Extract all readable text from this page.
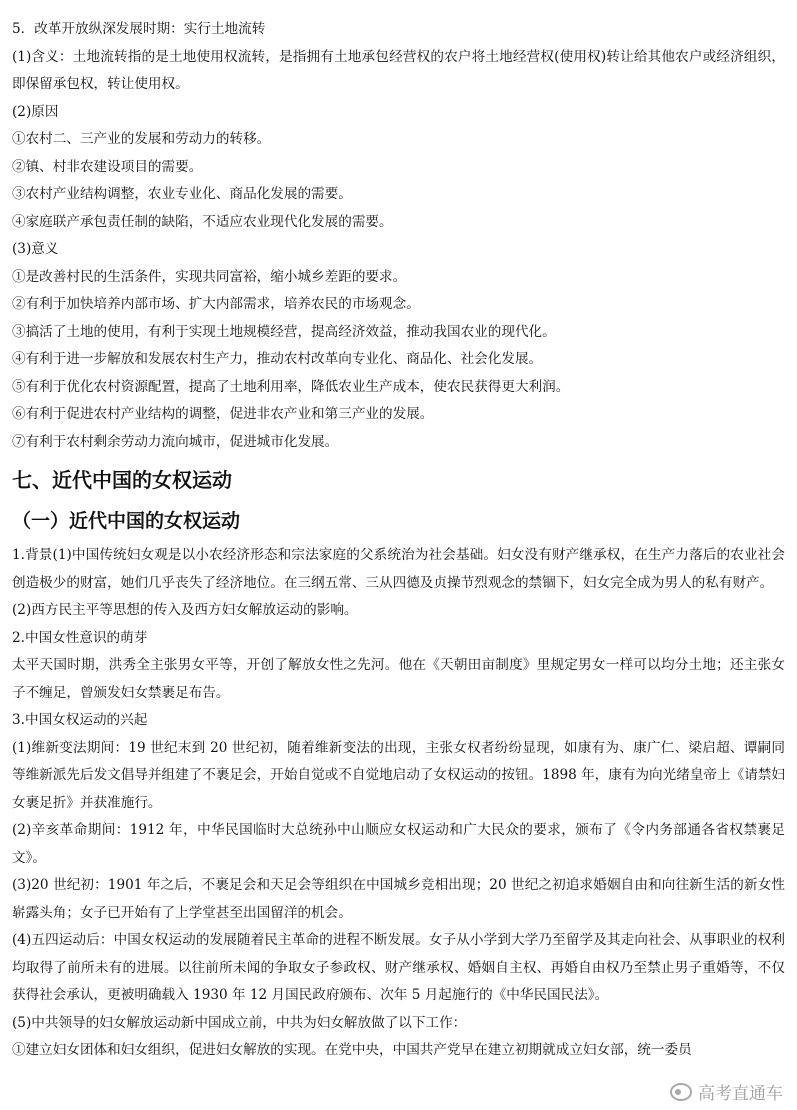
5．改革开放纵深发展时期：实行土地流转

(1)含义：土地流转指的是土地使用权流转，是指拥有土地承包经营权的农户将土地经营权(使用权)转让给其他农户或经济组织，即保留承包权，转让使用权。

(2)原因

①农村二、三产业的发展和劳动力的转移。

②镇、村非农建设项目的需要。

③农村产业结构调整，农业专业化、商品化发展的需要。

④家庭联产承包责任制的缺陷，不适应农业现代化发展的需要。

(3)意义

①是改善村民的生活条件，实现共同富裕，缩小城乡差距的要求。

②有利于加快培养内部市场、扩大内部需求，培养农民的市场观念。

③搞活了土地的使用，有利于实现土地规模经营，提高经济效益，推动我国农业的现代化。

④有利于进一步解放和发展农村生产力，推动农村改革向专业化、商品化、社会化发展。

⑤有利于优化农村资源配置，提高了土地利用率，降低农业生产成本，使农民获得更大利润。

⑥有利于促进农村产业结构的调整，促进非农产业和第三产业的发展。

⑦有利于农村剩余劳动力流向城市，促进城市化发展。

七、近代中国的女权运动
（一）近代中国的女权运动

1.背景(1)中国传统妇女观是以小农经济形态和宗法家庭的父系统治为社会基础。妇女没有财产继承权，在生产力落后的农业社会创造极少的财富，她们几乎丧失了经济地位。在三纲五常、三从四德及贞操节烈观念的禁锢下，妇女完全成为男人的私有财产。

(2)西方民主平等思想的传入及西方妇女解放运动的影响。

2.中国女性意识的萌芽

太平天国时期，洪秀全主张男女平等，开创了解放女性之先河。他在《天朝田亩制度》里规定男女一样可以均分土地；还主张女子不缠足，曾颁发妇女禁裹足布告。

3.中国女权运动的兴起

(1)维新变法期间：19 世纪末到 20 世纪初，随着维新变法的出现，主张女权者纷纷显现，如康有为、康广仁、梁启超、谭嗣同等维新派先后发文倡导并组建了不裹足会，开始自觉或不自觉地启动了女权运动的按钮。1898 年，康有为向光绪皇帝上《请禁妇女裹足折》并获准施行。

(2)辛亥革命期间：1912 年，中华民国临时大总统孙中山顺应女权运动和广大民众的要求，颁布了《令内务部通各省权禁裹足文》。

(3)20 世纪初：1901 年之后，不裹足会和天足会等组织在中国城乡竞相出现；20 世纪之初追求婚姻自由和向往新生活的新女性崭露头角；女子已开始有了上学堂甚至出国留洋的机会。

(4)五四运动后：中国女权运动的发展随着民主革命的进程不断发展。女子从小学到大学乃至留学及其走向社会、从事职业的权利均取得了前所未有的进展。以往前所未闻的争取女子参政权、财产继承权、婚姻自主权、再婚自由权乃至禁止男子重婚等，不仅获得社会承认，更被明确载入 1930 年 12 月国民政府颁布、次年 5 月起施行的《中华民国民法》。

(5)中共领导的妇女解放运动新中国成立前，中共为妇女解放做了以下工作：

①建立妇女团体和妇女组织，促进妇女解放的实现。在党中央，中国共产党早在建立初期就成立妇女部，统一委员

高考直通车
